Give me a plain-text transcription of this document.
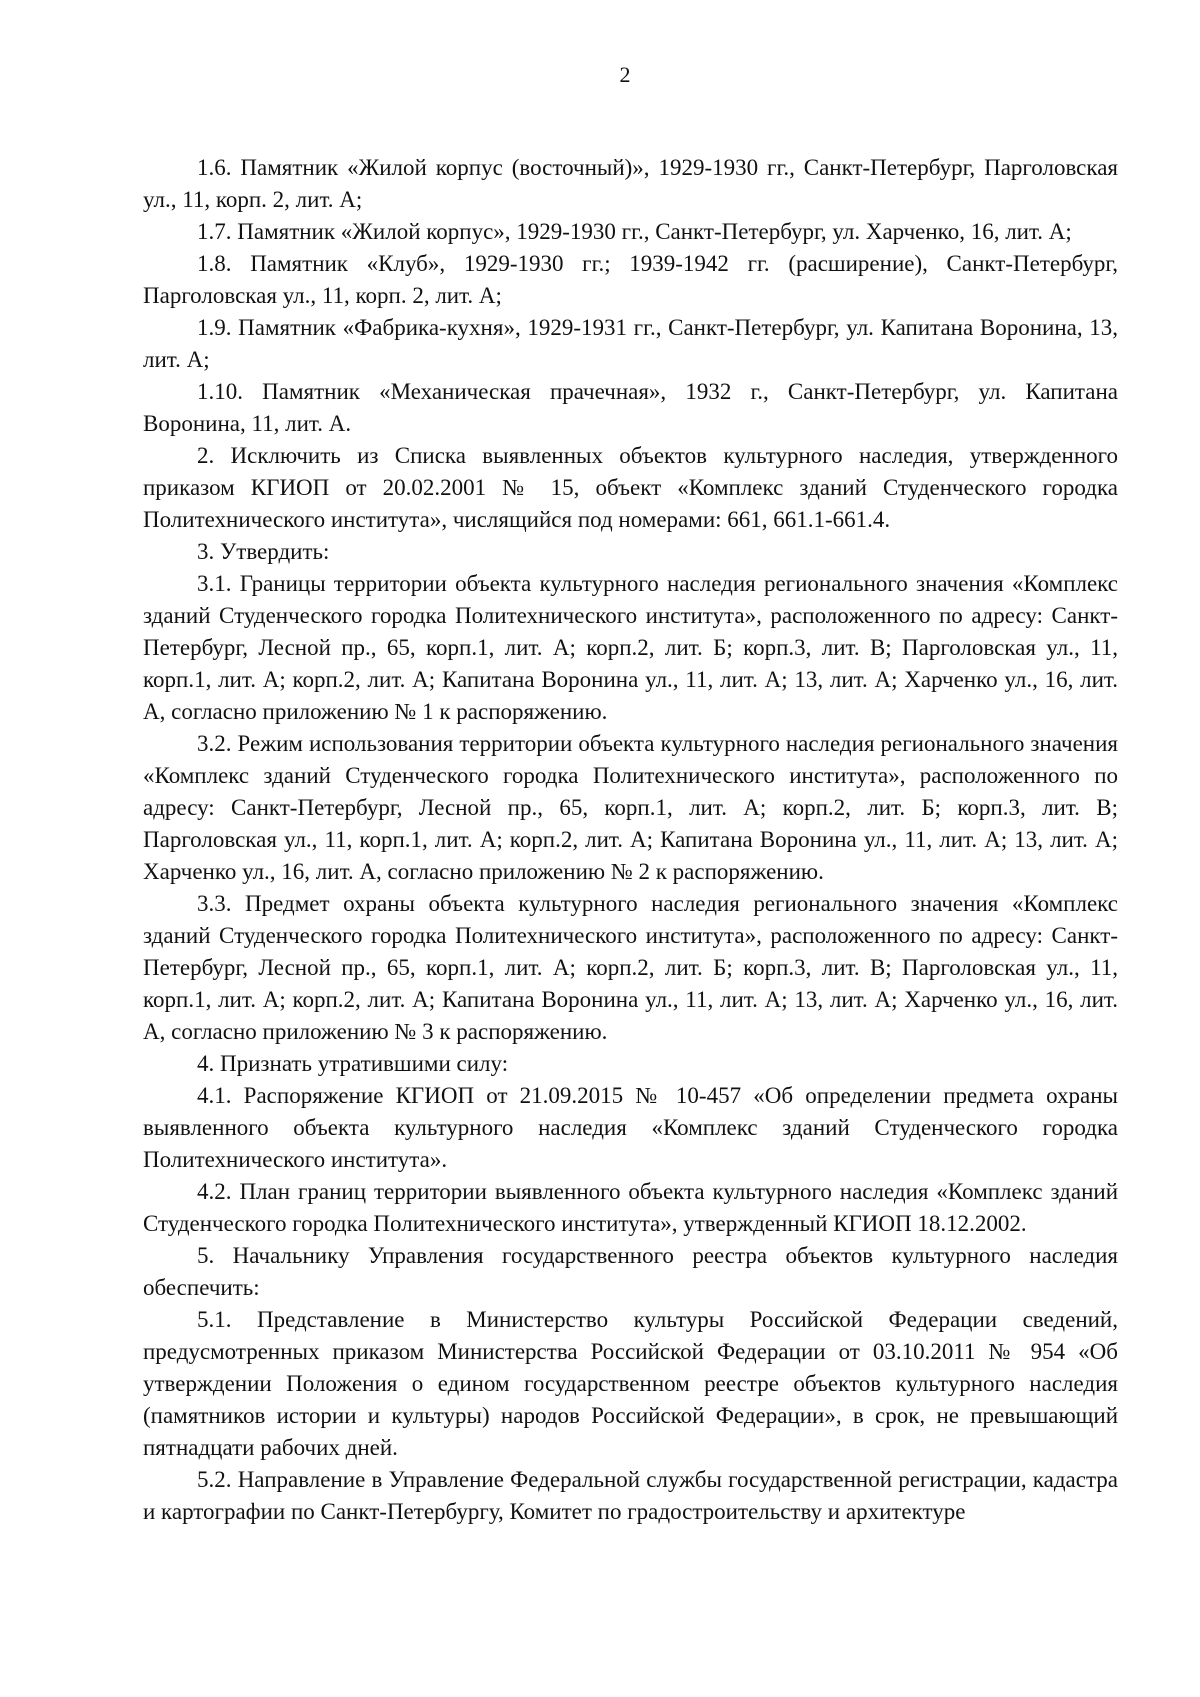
2

1.6. Памятник «Жилой корпус (восточный)», 1929-1930 гг., Санкт-Петербург, Парголовская ул., 11, корп. 2, лит. А;

1.7. Памятник «Жилой корпус», 1929-1930 гг., Санкт-Петербург, ул. Харченко, 16, лит. А;

1.8. Памятник «Клуб», 1929-1930 гг.; 1939-1942 гг. (расширение), Санкт-Петербург, Парголовская ул., 11, корп. 2, лит. А;

1.9. Памятник «Фабрика-кухня», 1929-1931 гг., Санкт-Петербург, ул. Капитана Воронина, 13, лит. А;

1.10. Памятник «Механическая прачечная», 1932 г., Санкт-Петербург, ул. Капитана Воронина, 11, лит. А.

2. Исключить из Списка выявленных объектов культурного наследия, утвержденного приказом КГИОП от 20.02.2001 № 15, объект «Комплекс зданий Студенческого городка Политехнического института», числящийся под номерами: 661, 661.1-661.4.

3. Утвердить:

3.1. Границы территории объекта культурного наследия регионального значения «Комплекс зданий Студенческого городка Политехнического института», расположенного по адресу: Санкт-Петербург, Лесной пр., 65, корп.1, лит. А; корп.2, лит. Б; корп.3, лит. В; Парголовская ул., 11, корп.1, лит. А; корп.2, лит. А; Капитана Воронина ул., 11, лит. А; 13, лит. А; Харченко ул., 16, лит. А, согласно приложению № 1 к распоряжению.

3.2. Режим использования территории объекта культурного наследия регионального значения «Комплекс зданий Студенческого городка Политехнического института», расположенного по адресу: Санкт-Петербург, Лесной пр., 65, корп.1, лит. А; корп.2, лит. Б; корп.3, лит. В; Парголовская ул., 11, корп.1, лит. А; корп.2, лит. А; Капитана Воронина ул., 11, лит. А; 13, лит. А; Харченко ул., 16, лит. А, согласно приложению № 2 к распоряжению.

3.3. Предмет охраны объекта культурного наследия регионального значения «Комплекс зданий Студенческого городка Политехнического института», расположенного по адресу: Санкт-Петербург, Лесной пр., 65, корп.1, лит. А; корп.2, лит. Б; корп.3, лит. В; Парголовская ул., 11, корп.1, лит. А; корп.2, лит. А; Капитана Воронина ул., 11, лит. А; 13, лит. А; Харченко ул., 16, лит. А, согласно приложению № 3 к распоряжению.

4. Признать утратившими силу:

4.1. Распоряжение КГИОП от 21.09.2015 № 10-457 «Об определении предмета охраны выявленного объекта культурного наследия «Комплекс зданий Студенческого городка Политехнического института».

4.2. План границ территории выявленного объекта культурного наследия «Комплекс зданий Студенческого городка Политехнического института», утвержденный КГИОП 18.12.2002.

5. Начальнику Управления государственного реестра объектов культурного наследия обеспечить:

5.1. Представление в Министерство культуры Российской Федерации сведений, предусмотренных приказом Министерства Российской Федерации от 03.10.2011 № 954 «Об утверждении Положения о едином государственном реестре объектов культурного наследия (памятников истории и культуры) народов Российской Федерации», в срок, не превышающий пятнадцати рабочих дней.

5.2. Направление в Управление Федеральной службы государственной регистрации, кадастра и картографии по Санкт-Петербургу, Комитет по градостроительству и архитектуре
